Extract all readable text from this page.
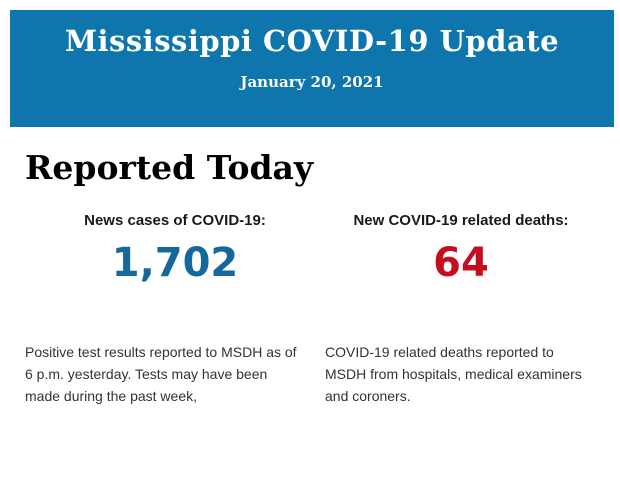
Mississippi COVID-19 Update
January 20, 2021
Reported Today
News cases of COVID-19:
1,702

Positive test results reported to MSDH as of 6 p.m. yesterday. Tests may have been made during the past week,

New COVID-19 related deaths:
64

COVID-19 related deaths reported to MSDH from hospitals, medical examiners and coroners.
